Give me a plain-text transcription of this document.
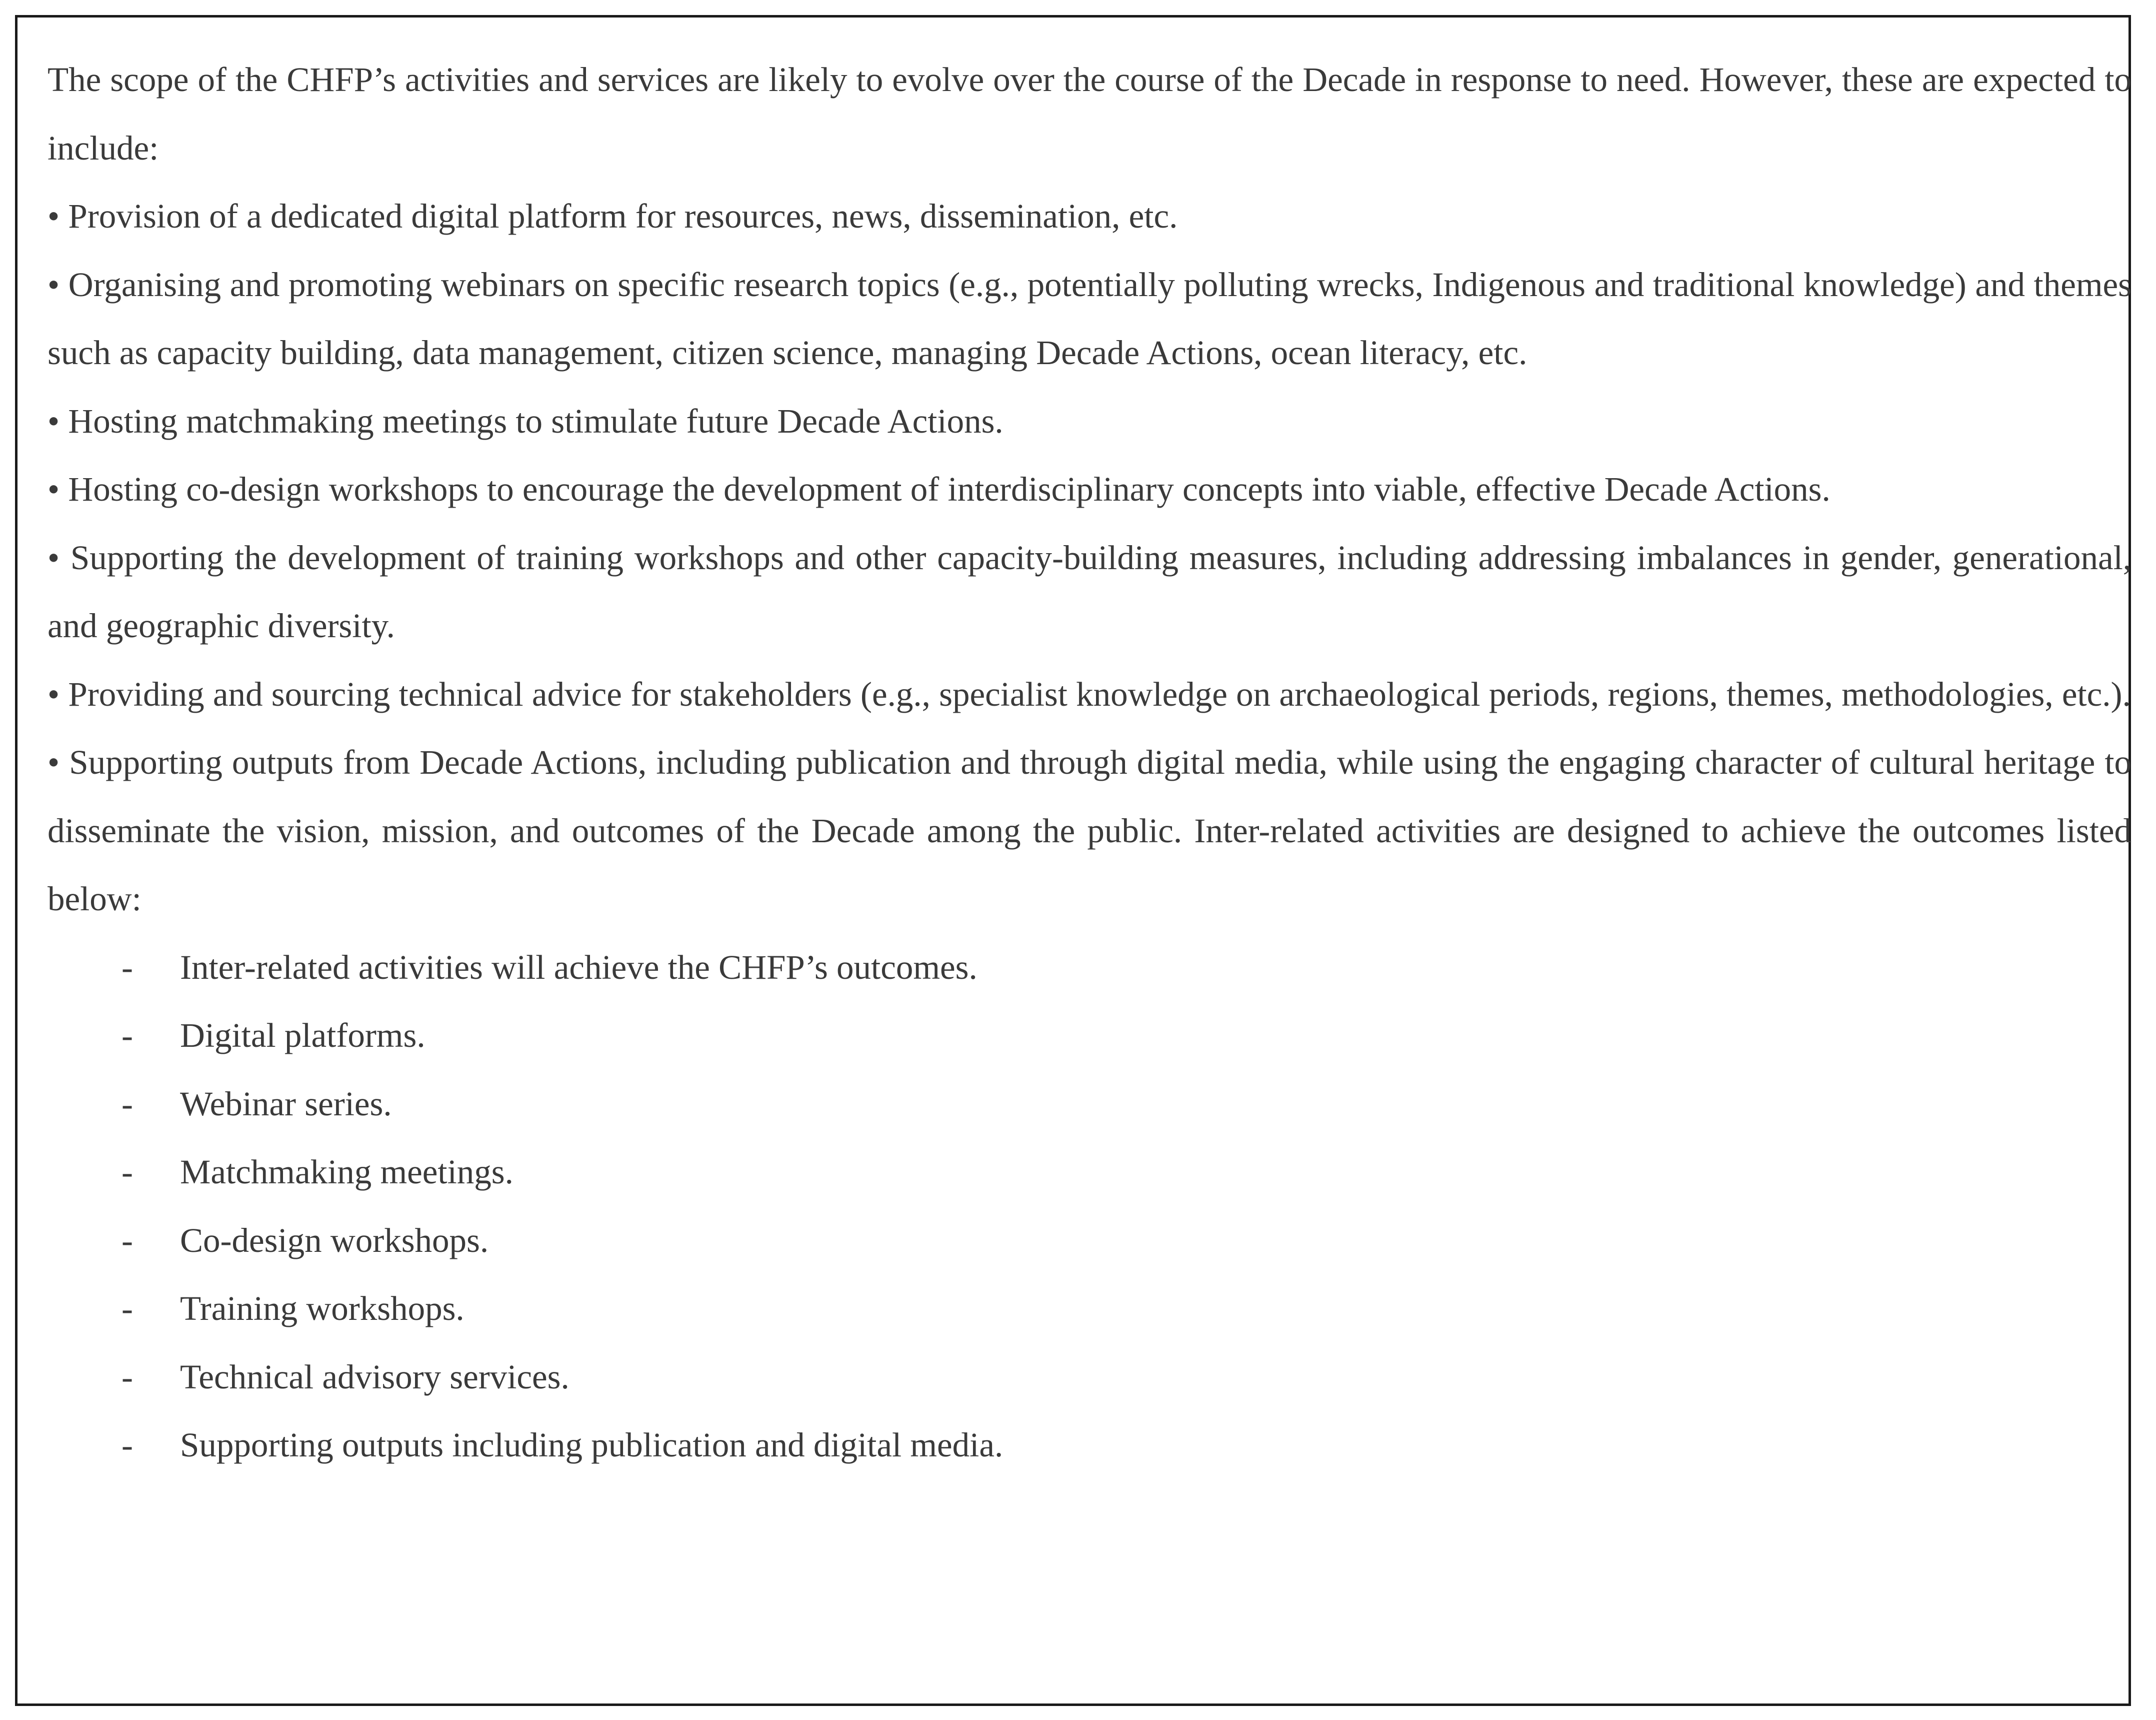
The scope of the CHFP’s activities and services are likely to evolve over the course of the Decade in response to need. However, these are expected to include:

• Provision of a dedicated digital platform for resources, news, dissemination, etc.

• Organising and promoting webinars on specific research topics (e.g., potentially polluting wrecks, Indigenous and traditional knowledge) and themes such as capacity building, data management, citizen science, managing Decade Actions, ocean literacy, etc.

• Hosting matchmaking meetings to stimulate future Decade Actions.

• Hosting co-design workshops to encourage the development of interdisciplinary concepts into viable, effective Decade Actions.

• Supporting the development of training workshops and other capacity-building measures, including addressing imbalances in gender, generational, and geographic diversity.

• Providing and sourcing technical advice for stakeholders (e.g., specialist knowledge on archaeological periods, regions, themes, methodologies, etc.).

• Supporting outputs from Decade Actions, including publication and through digital media, while using the engaging character of cultural heritage to disseminate the vision, mission, and outcomes of the Decade among the public. Inter-related activities are designed to achieve the outcomes listed below:

- Inter-related activities will achieve the CHFP’s outcomes.
- Digital platforms.
- Webinar series.
- Matchmaking meetings.
- Co-design workshops.
- Training workshops.
- Technical advisory services.
- Supporting outputs including publication and digital media.
